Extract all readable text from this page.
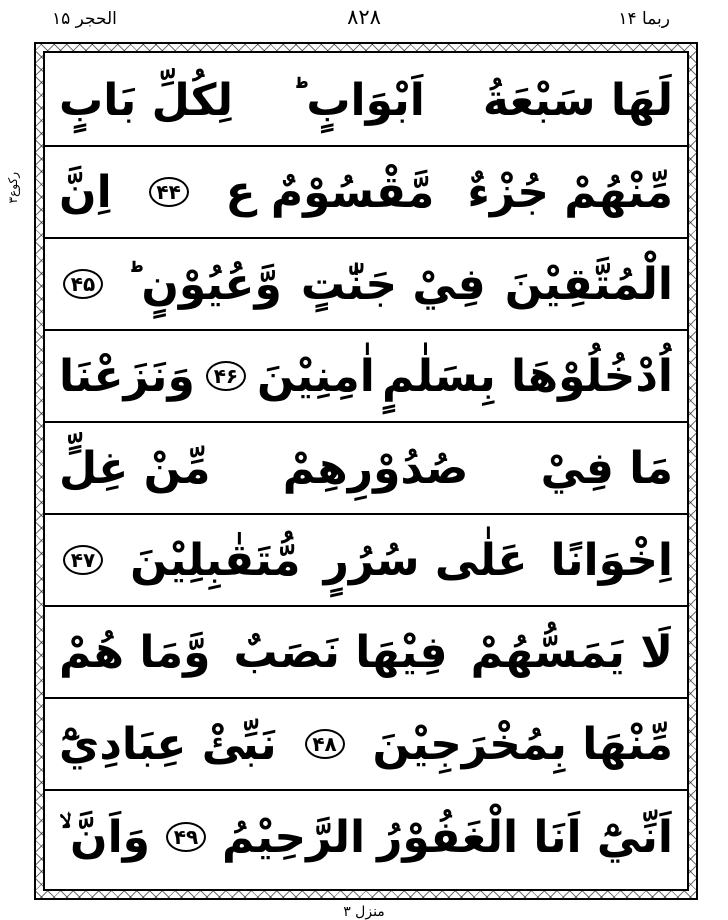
الحجر ۱۵	۸۲۸	ربما ۱۴
رکوع۳
لَهَا سَبْعَةُ
اَبْوَابٍ ؕ
لِكُلِّ بَابٍ
مِّنْهُمْ جُزْءٌ
مَّقْسُوْمٌ ع
۴۴
اِنَّ
الْمُتَّقِيْنَ
فِيْ جَنّٰتٍ
وَّعُيُوْنٍ ؕ
۴۵
اُدْخُلُوْهَا بِسَلٰمٍ
اٰمِنِيْنَ
۴۶
وَنَزَعْنَا
مَا فِيْ
صُدُوْرِهِمْ
مِّنْ غِلٍّ
اِخْوَانًا
عَلٰى سُرُرٍ
مُّتَقٰبِلِيْنَ
۴۷
لَا يَمَسُّهُمْ
فِيْهَا نَصَبٌ
وَّمَا هُمْ
مِّنْهَا بِمُخْرَجِيْنَ
۴۸
نَبِّئْ عِبَادِيْٓ
اَنِّيْٓ اَنَا الْغَفُوْرُ
الرَّحِيْمُ
۴۹
وَاَنَّ ۙ
منزل ۳
